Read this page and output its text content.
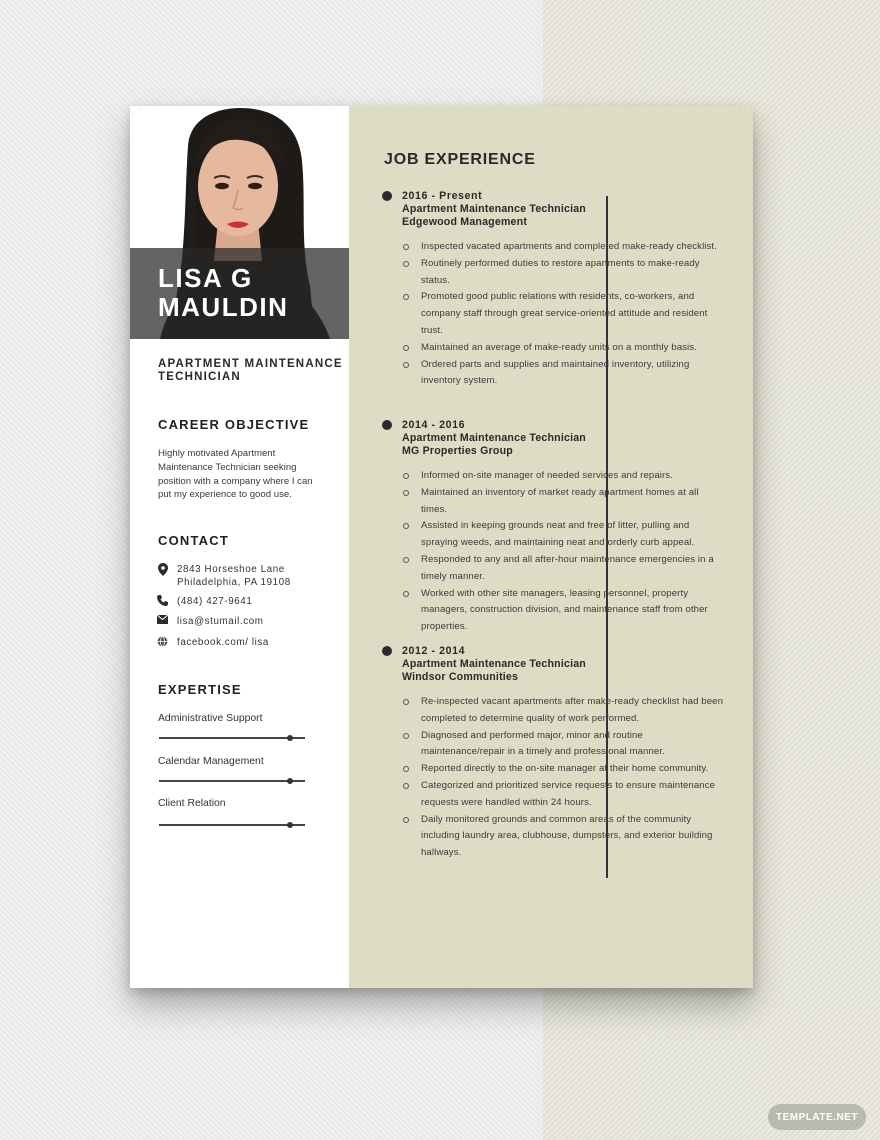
LISA G
MAULDIN
APARTMENT MAINTENANCE
TECHNICIAN
CAREER OBJECTIVE
Highly motivated Apartment Maintenance Technician seeking position with a company where I can put my experience to good use.
CONTACT
2843 Horseshoe Lane
Philadelphia, PA 19108
(484) 427-9641
lisa@stumail.com
facebook.com/ lisa
EXPERTISE
Administrative Support
Calendar Management
Client Relation
JOB EXPERIENCE
2016 - Present
Apartment Maintenance Technician
Edgewood Management
Inspected vacated apartments and completed make-ready checklist.
Routinely performed duties to restore apartments to make-ready status.
Promoted good public relations with residents, co-workers, and company staff through great service-oriented attitude and resident trust.
Maintained an average of make-ready units on a monthly basis.
Ordered parts and supplies and maintained inventory, utilizing inventory system.
2014 - 2016
Apartment Maintenance Technician
MG Properties Group
Informed on-site manager of needed services and repairs.
Maintained an inventory of market ready apartment homes at all times.
Assisted in keeping grounds neat and free of litter, pulling and spraying weeds, and maintaining neat and orderly curb appeal.
Responded to any and all after-hour maintenance emergencies in a timely manner.
Worked with other site managers, leasing personnel, property managers, construction division, and maintenance staff from other properties.
2012 - 2014
Apartment Maintenance Technician
Windsor Communities
Re-inspected vacant apartments after make-ready checklist had been completed to determine quality of work performed.
Diagnosed and performed major, minor and routine maintenance/repair in a timely and professional manner.
Reported directly to the on-site manager at their home community.
Categorized and prioritized service requests to ensure maintenance requests were handled within 24 hours.
Daily monitored grounds and common areas of the community including laundry area, clubhouse, dumpsters, and exterior building hallways.
TEMPLATE.NET
